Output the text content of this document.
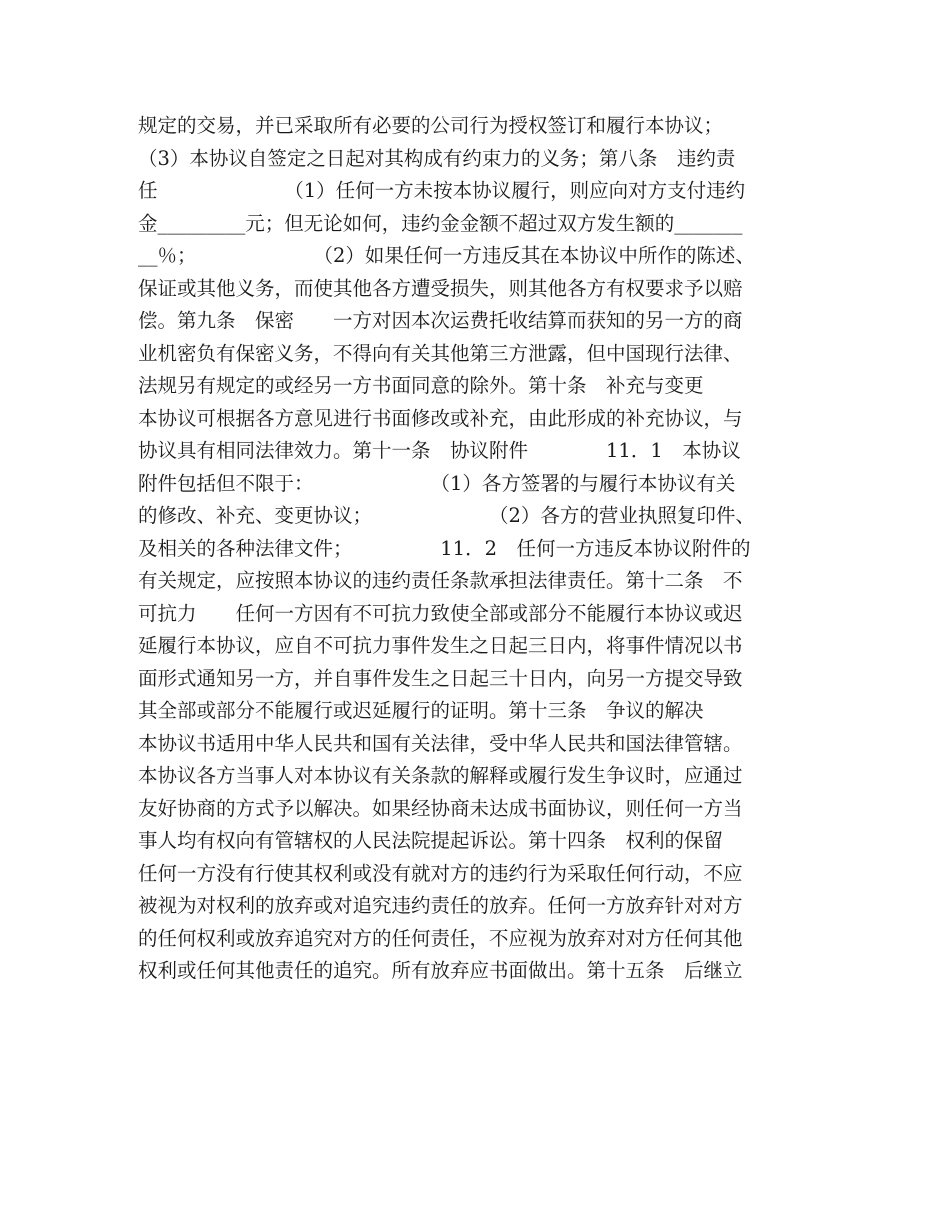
规定的交易，并已采取所有必要的公司行为授权签订和履行本协议；
（3）本协议自签定之日起对其构成有约束力的义务；第八条　违约责
任　　　　　　　（1）任何一方未按本协议履行，则应向对方支付违约
金_________元；但无论如何，违约金金额不超过双方发生额的_______
__％；　　　　　　　（2）如果任何一方违反其在本协议中所作的陈述、
保证或其他义务，而使其他各方遭受损失，则其他各方有权要求予以赔
偿。第九条　保密　　一方对因本次运费托收结算而获知的另一方的商
业机密负有保密义务，不得向有关其他第三方泄露，但中国现行法律、
法规另有规定的或经另一方书面同意的除外。第十条　补充与变更　　
本协议可根据各方意见进行书面修改或补充，由此形成的补充协议，与
协议具有相同法律效力。第十一条　协议附件　　　　11．1　本协议
附件包括但不限于：　　　　　　　（1）各方签署的与履行本协议有关
的修改、补充、变更协议；　　　　　　　（2）各方的营业执照复印件、
及相关的各种法律文件；　　　　　11．2　任何一方违反本协议附件的
有关规定，应按照本协议的违约责任条款承担法律责任。第十二条　不
可抗力　　任何一方因有不可抗力致使全部或部分不能履行本协议或迟
延履行本协议，应自不可抗力事件发生之日起三日内，将事件情况以书
面形式通知另一方，并自事件发生之日起三十日内，向另一方提交导致
其全部或部分不能履行或迟延履行的证明。第十三条　争议的解决　　
本协议书适用中华人民共和国有关法律，受中华人民共和国法律管辖。
本协议各方当事人对本协议有关条款的解释或履行发生争议时，应通过
友好协商的方式予以解决。如果经协商未达成书面协议，则任何一方当
事人均有权向有管辖权的人民法院提起诉讼。第十四条　权利的保留　
任何一方没有行使其权利或没有就对方的违约行为采取任何行动，不应
被视为对权利的放弃或对追究违约责任的放弃。任何一方放弃针对对方
的任何权利或放弃追究对方的任何责任，不应视为放弃对对方任何其他
权利或任何其他责任的追究。所有放弃应书面做出。第十五条　后继立
